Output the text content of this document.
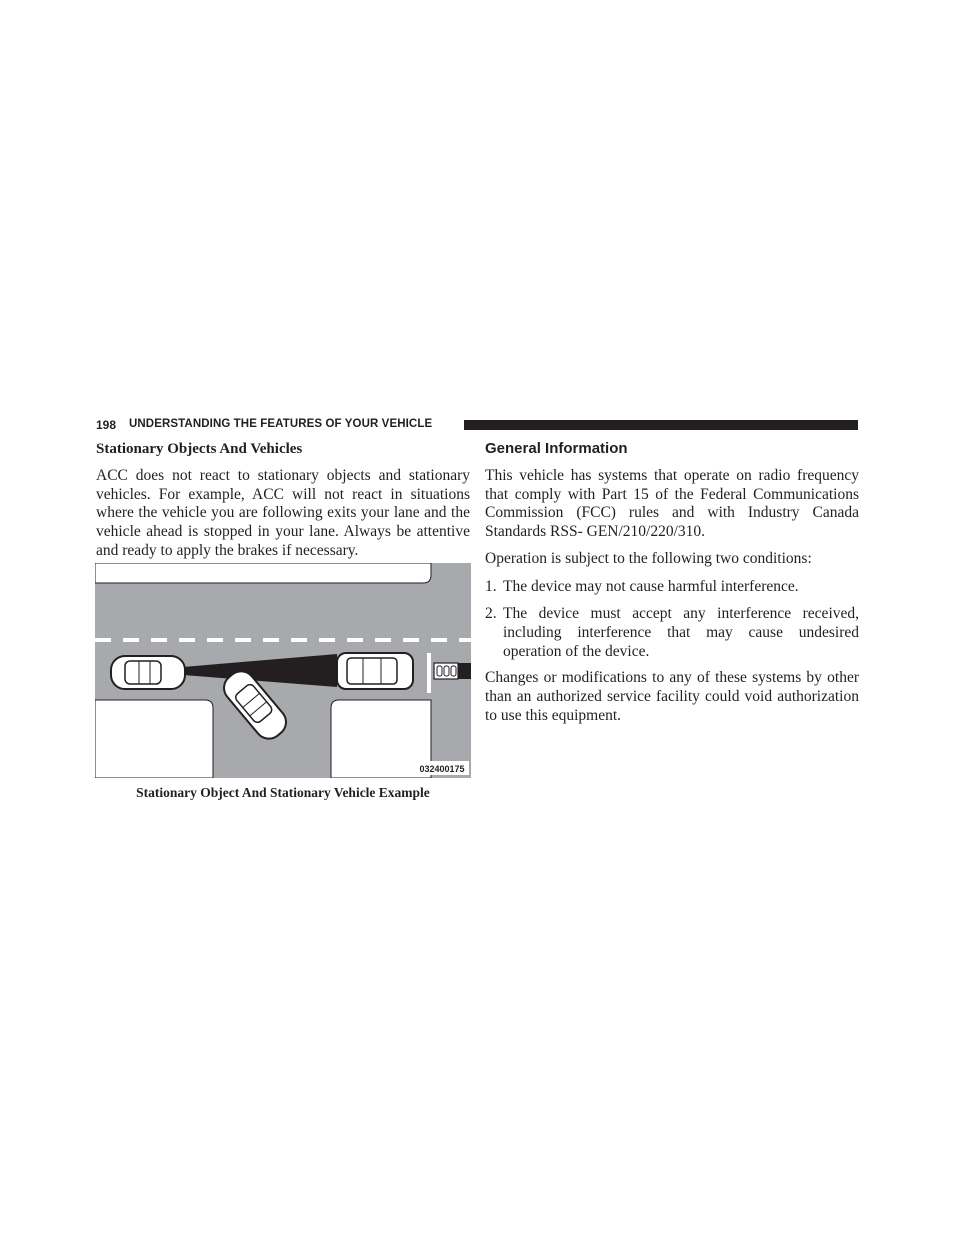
198 UNDERSTANDING THE FEATURES OF YOUR VEHICLE
Stationary Objects And Vehicles

ACC does not react to stationary objects and stationary vehicles. For example, ACC will not react in situations where the vehicle you are following exits your lane and the vehicle ahead is stopped in your lane. Always be attentive and ready to apply the brakes if necessary.

032400175
Stationary Object And Stationary Vehicle Example
General Information

This vehicle has systems that operate on radio frequency that comply with Part 15 of the Federal Communications Commission (FCC) rules and with Industry Canada Standards RSS- GEN/210/220/310.

Operation is subject to the following two conditions:

1. The device may not cause harmful interference.
2. The device must accept any interference received, including interference that may cause undesired operation of the device.

Changes or modifications to any of these systems by other than an authorized service facility could void authorization to use this equipment.
